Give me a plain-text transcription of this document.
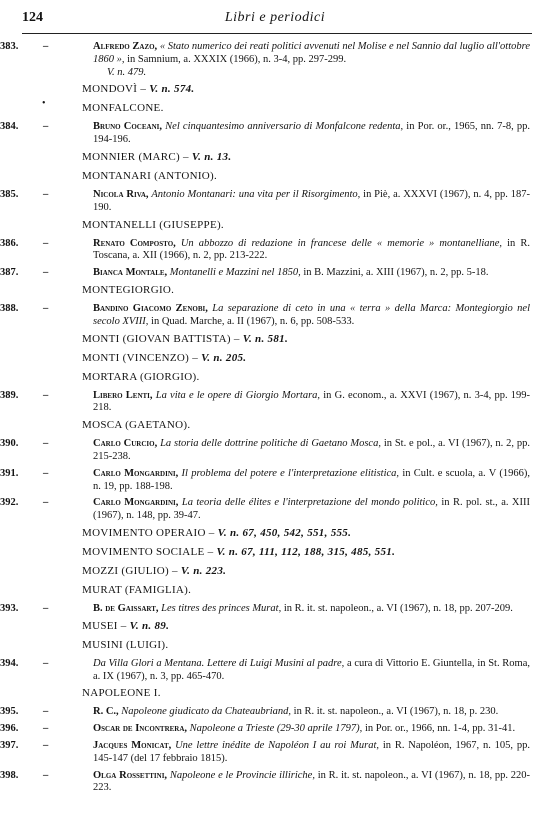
124	Libri e periodici
•
383.	–	Alfredo Zazo, « Stato numerico dei reati politici avvenuti nel Molise e nel Sannio dal luglio all'ottobre 1860 », in Samnium, a. XXXIX (1966), n. 3-4, pp. 297-299.
V. n. 479.
MONDOVÌ – V. n. 574.
MONFALCONE.
384.	–	Bruno Coceani, Nel cinquantesimo anniversario di Monfalcone redenta, in Por. or., 1965, nn. 7-8, pp. 194-196.
MONNIER (MARC) – V. n. 13.
MONTANARI (ANTONIO).
385.	–	Nicola Riva, Antonio Montanari: una vita per il Risorgimento, in Piè, a. XXXVI (1967), n. 4, pp. 187-190.
MONTANELLI (GIUSEPPE).
386.	–	Renato Composto, Un abbozzo di redazione in francese delle « memorie » montanelliane, in R. Toscana, a. XII (1966), n. 2, pp. 213-222.
387.	–	Bianca Montale, Montanelli e Mazzini nel 1850, in B. Mazzini, a. XIII (1967), n. 2, pp. 5-18.
MONTEGIORGIO.
388.	–	Bandino Giacomo Zenobi, La separazione di ceto in una « terra » della Marca: Montegiorgio nel secolo XVIII, in Quad. Marche, a. II (1967), n. 6, pp. 508-533.
MONTI (GIOVAN BATTISTA) – V. n. 581.
MONTI (VINCENZO) – V. n. 205.
MORTARA (GIORGIO).
389.	–	Libero Lenti, La vita e le opere di Giorgio Mortara, in G. econom., a. XXVI (1967), n. 3-4, pp. 199-218.
MOSCA (GAETANO).
390.	–	Carlo Curcio, La storia delle dottrine politiche di Gaetano Mosca, in St. e pol., a. VI (1967), n. 2, pp. 215-238.
391.	–	Carlo Mongardini, Il problema del potere e l'interpretazione elitistica, in Cult. e scuola, a. V (1966), n. 19, pp. 188-198.
392.	–	Carlo Mongardini, La teoria delle élites e l'interpretazione del mondo politico, in R. pol. st., a. XIII (1967), n. 148, pp. 39-47.
MOVIMENTO OPERAIO – V. n. 67, 450, 542, 551, 555.
MOVIMENTO SOCIALE – V. n. 67, 111, 112, 188, 315, 485, 551.
MOZZI (GIULIO) – V. n. 223.
MURAT (FAMIGLIA).
393.	–	B. de Gaissart, Les titres des princes Murat, in R. it. st. napoleon., a. VI (1967), n. 18, pp. 207-209.
MUSEI – V. n. 89.
MUSINI (LUIGI).
394.	–	Da Villa Glori a Mentana. Lettere di Luigi Musini al padre, a cura di Vittorio E. Giuntella, in St. Roma, a. IX (1967), n. 3, pp. 465-470.
NAPOLEONE I.
395.	–	R. C., Napoleone giudicato da Chateaubriand, in R. it. st. napoleon., a. VI (1967), n. 18, p. 230.
396.	–	Oscar de Incontrera, Napoleone a Trieste (29-30 aprile 1797), in Por. or., 1966, nn. 1-4, pp. 31-41.
397.	–	Jacques Monicat, Une lettre inédite de Napoléon I au roi Murat, in R. Napoléon, 1967, n. 105, pp. 145-147 (del 17 febbraio 1815).
398.	–	Olga Rossettini, Napoleone e le Provincie illiriche, in R. it. st. napoleon., a. VI (1967), n. 18, pp. 220-223.
